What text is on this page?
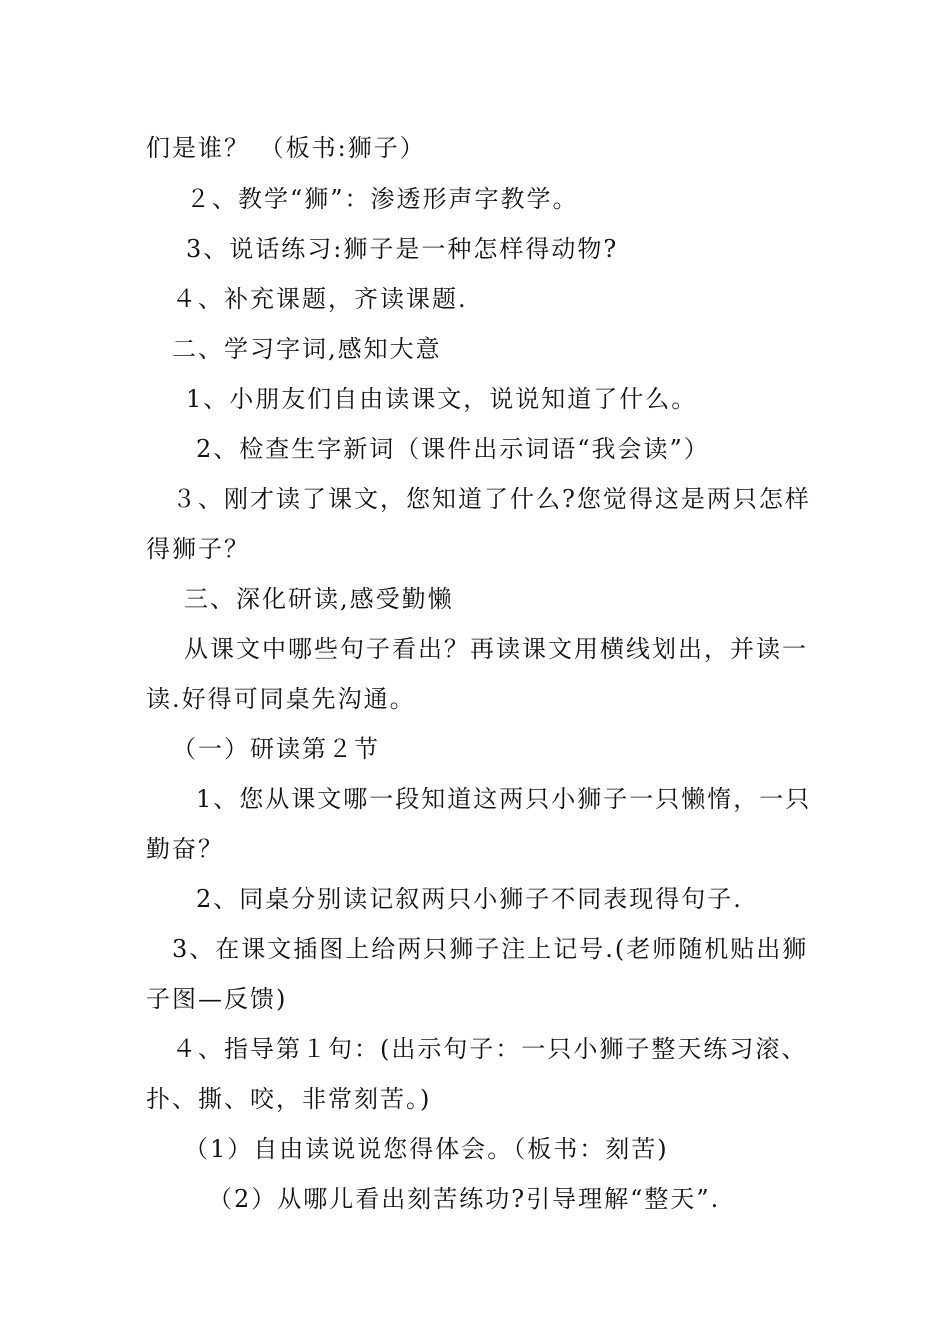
们是谁？ （板书:狮子）
２、教学“狮”：渗透形声字教学。
3、说话练习:狮子是一种怎样得动物?
４、补充课题，齐读课题.
二、学习字词,感知大意
1、小朋友们自由读课文，说说知道了什么。
2、检查生字新词（课件出示词语“我会读”）
３、刚才读了课文，您知道了什么?您觉得这是两只怎样
得狮子？
三、深化研读,感受勤懒
从课文中哪些句子看出？再读课文用横线划出，并读一
读.好得可同桌先沟通。
（一）研读第２节
1、您从课文哪一段知道这两只小狮子一只懒惰，一只
勤奋？
2、同桌分别读记叙两只小狮子不同表现得句子.
3、在课文插图上给两只狮子注上记号.(老师随机贴出狮
子图—反馈)
４、指导第１句：(出示句子：一只小狮子整天练习滚、
扑、撕、咬，非常刻苦。)
（1）自由读说说您得体会。（板书：刻苦)
（2）从哪儿看出刻苦练功?引导理解“整天”.
